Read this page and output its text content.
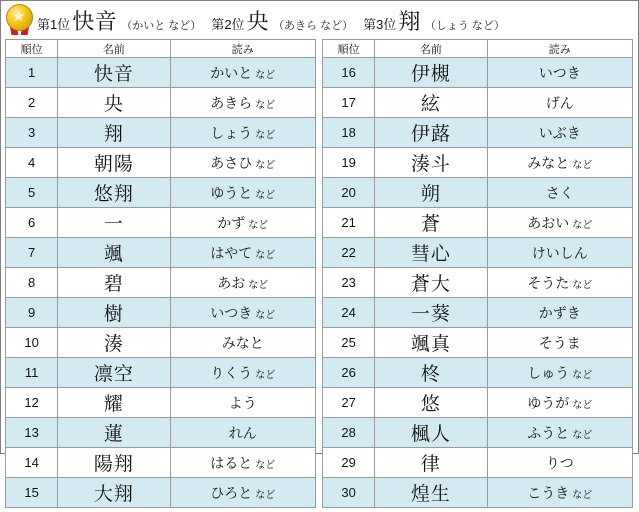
★ 第1位 快音 （かいと など） 第2位 央 （あきら など） 第3位 翔 （しょう など）
順位	名前	読み
1	快音	かいと など
2	央	あきら など
3	翔	しょう など
4	朝陽	あさひ など
5	悠翔	ゆうと など
6	一	かず など
7	颯	はやて など
8	碧	あお など
9	樹	いつき など
10	湊	みなと
11	凛空	りくう など
12	耀	よう
13	蓮	れん
14	陽翔	はると など
15	大翔	ひろと など
順位	名前	読み
16	伊槻	いつき
17	絃	げん
18	伊蕗	いぶき
19	湊斗	みなと など
20	朔	さく
21	蒼	あおい など
22	彗心	けいしん
23	蒼大	そうた など
24	一葵	かずき
25	颯真	そうま
26	柊	しゅう など
27	悠	ゆうが など
28	楓人	ふうと など
29	律	りつ
30	煌生	こうき など
